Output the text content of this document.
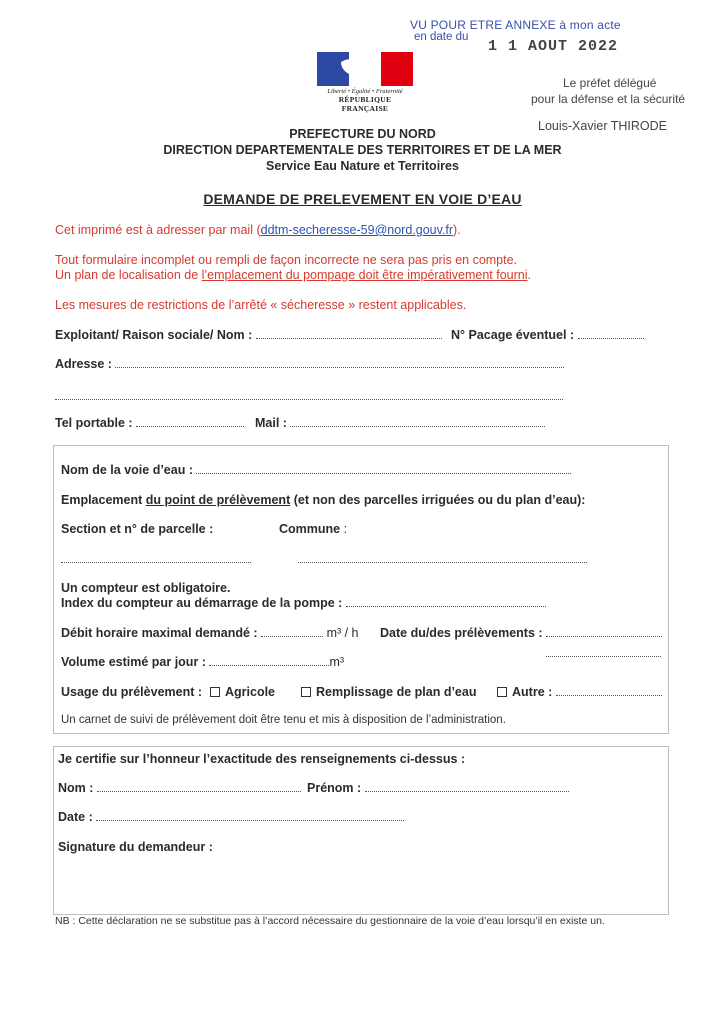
VU POUR ETRE ANNEXE à mon acte
en date du
1 1 AOUT 2022
Le préfet délégué
pour la défense et la sécurité
Louis-Xavier THIRODE
Liberté • Égalité • Fraternité
RÉPUBLIQUE FRANÇAISE
PREFECTURE DU NORD
DIRECTION DEPARTEMENTALE DES TERRITOIRES ET DE LA MER
Service Eau Nature et Territoires
DEMANDE DE PRELEVEMENT EN VOIE D’EAU
Cet imprimé est à adresser par mail (ddtm-secheresse-59@nord.gouv.fr).
Tout formulaire incomplet ou rempli de façon incorrecte ne sera pas pris en compte.
Un plan de localisation de l’emplacement du pompage doit être impérativement fourni.
Les mesures de restrictions de l’arrêté « sécheresse » restent applicables.
Exploitant/ Raison sociale/ Nom :	N° Pacage éventuel :
Adresse :
Tel portable :	Mail :
Nom de la voie d’eau :
Emplacement du point de prélèvement (et non des parcelles irriguées ou du plan d’eau):
Section et n° de parcelle :	Commune :
Un compteur est obligatoire.
Index du compteur au démarrage de la pompe :
Débit horaire maximal demandé :	m³ / h Date du/des prélèvements :
Volume estimé par jour :	m³
Usage du prélèvement :	Agricole	Remplissage de plan d’eau	Autre :
Un carnet de suivi de prélèvement doit être tenu et mis à disposition de l’administration.
Je certifie sur l’honneur l’exactitude des renseignements ci-dessus :
Nom :	Prénom :
Date :
Signature du demandeur :
NB : Cette déclaration ne se substitue pas à l’accord nécessaire du gestionnaire de la voie d’eau lorsqu’il en existe un.
